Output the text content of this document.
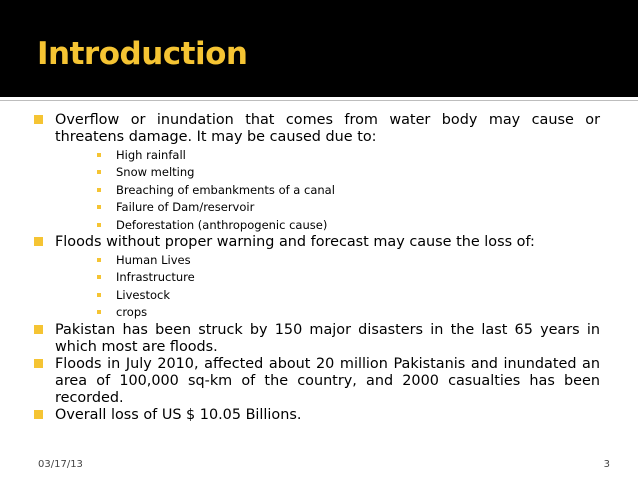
Introduction
Overflow or inundation that comes from water body may cause or threatens damage. It may be caused due to:
High rainfall
Snow melting
Breaching of embankments of a canal
Failure of Dam/reservoir
Deforestation (anthropogenic cause)
Floods without proper warning and forecast may cause the loss of:
Human Lives
Infrastructure
Livestock
crops
Pakistan has been struck by 150 major disasters in the last 65 years in which most are floods.
Floods in July 2010, affected about 20 million Pakistanis and inundated an area of 100,000 sq-km of the country, and 2000 casualties has been recorded.
Overall loss of US $ 10.05 Billions.
03/17/13	3
